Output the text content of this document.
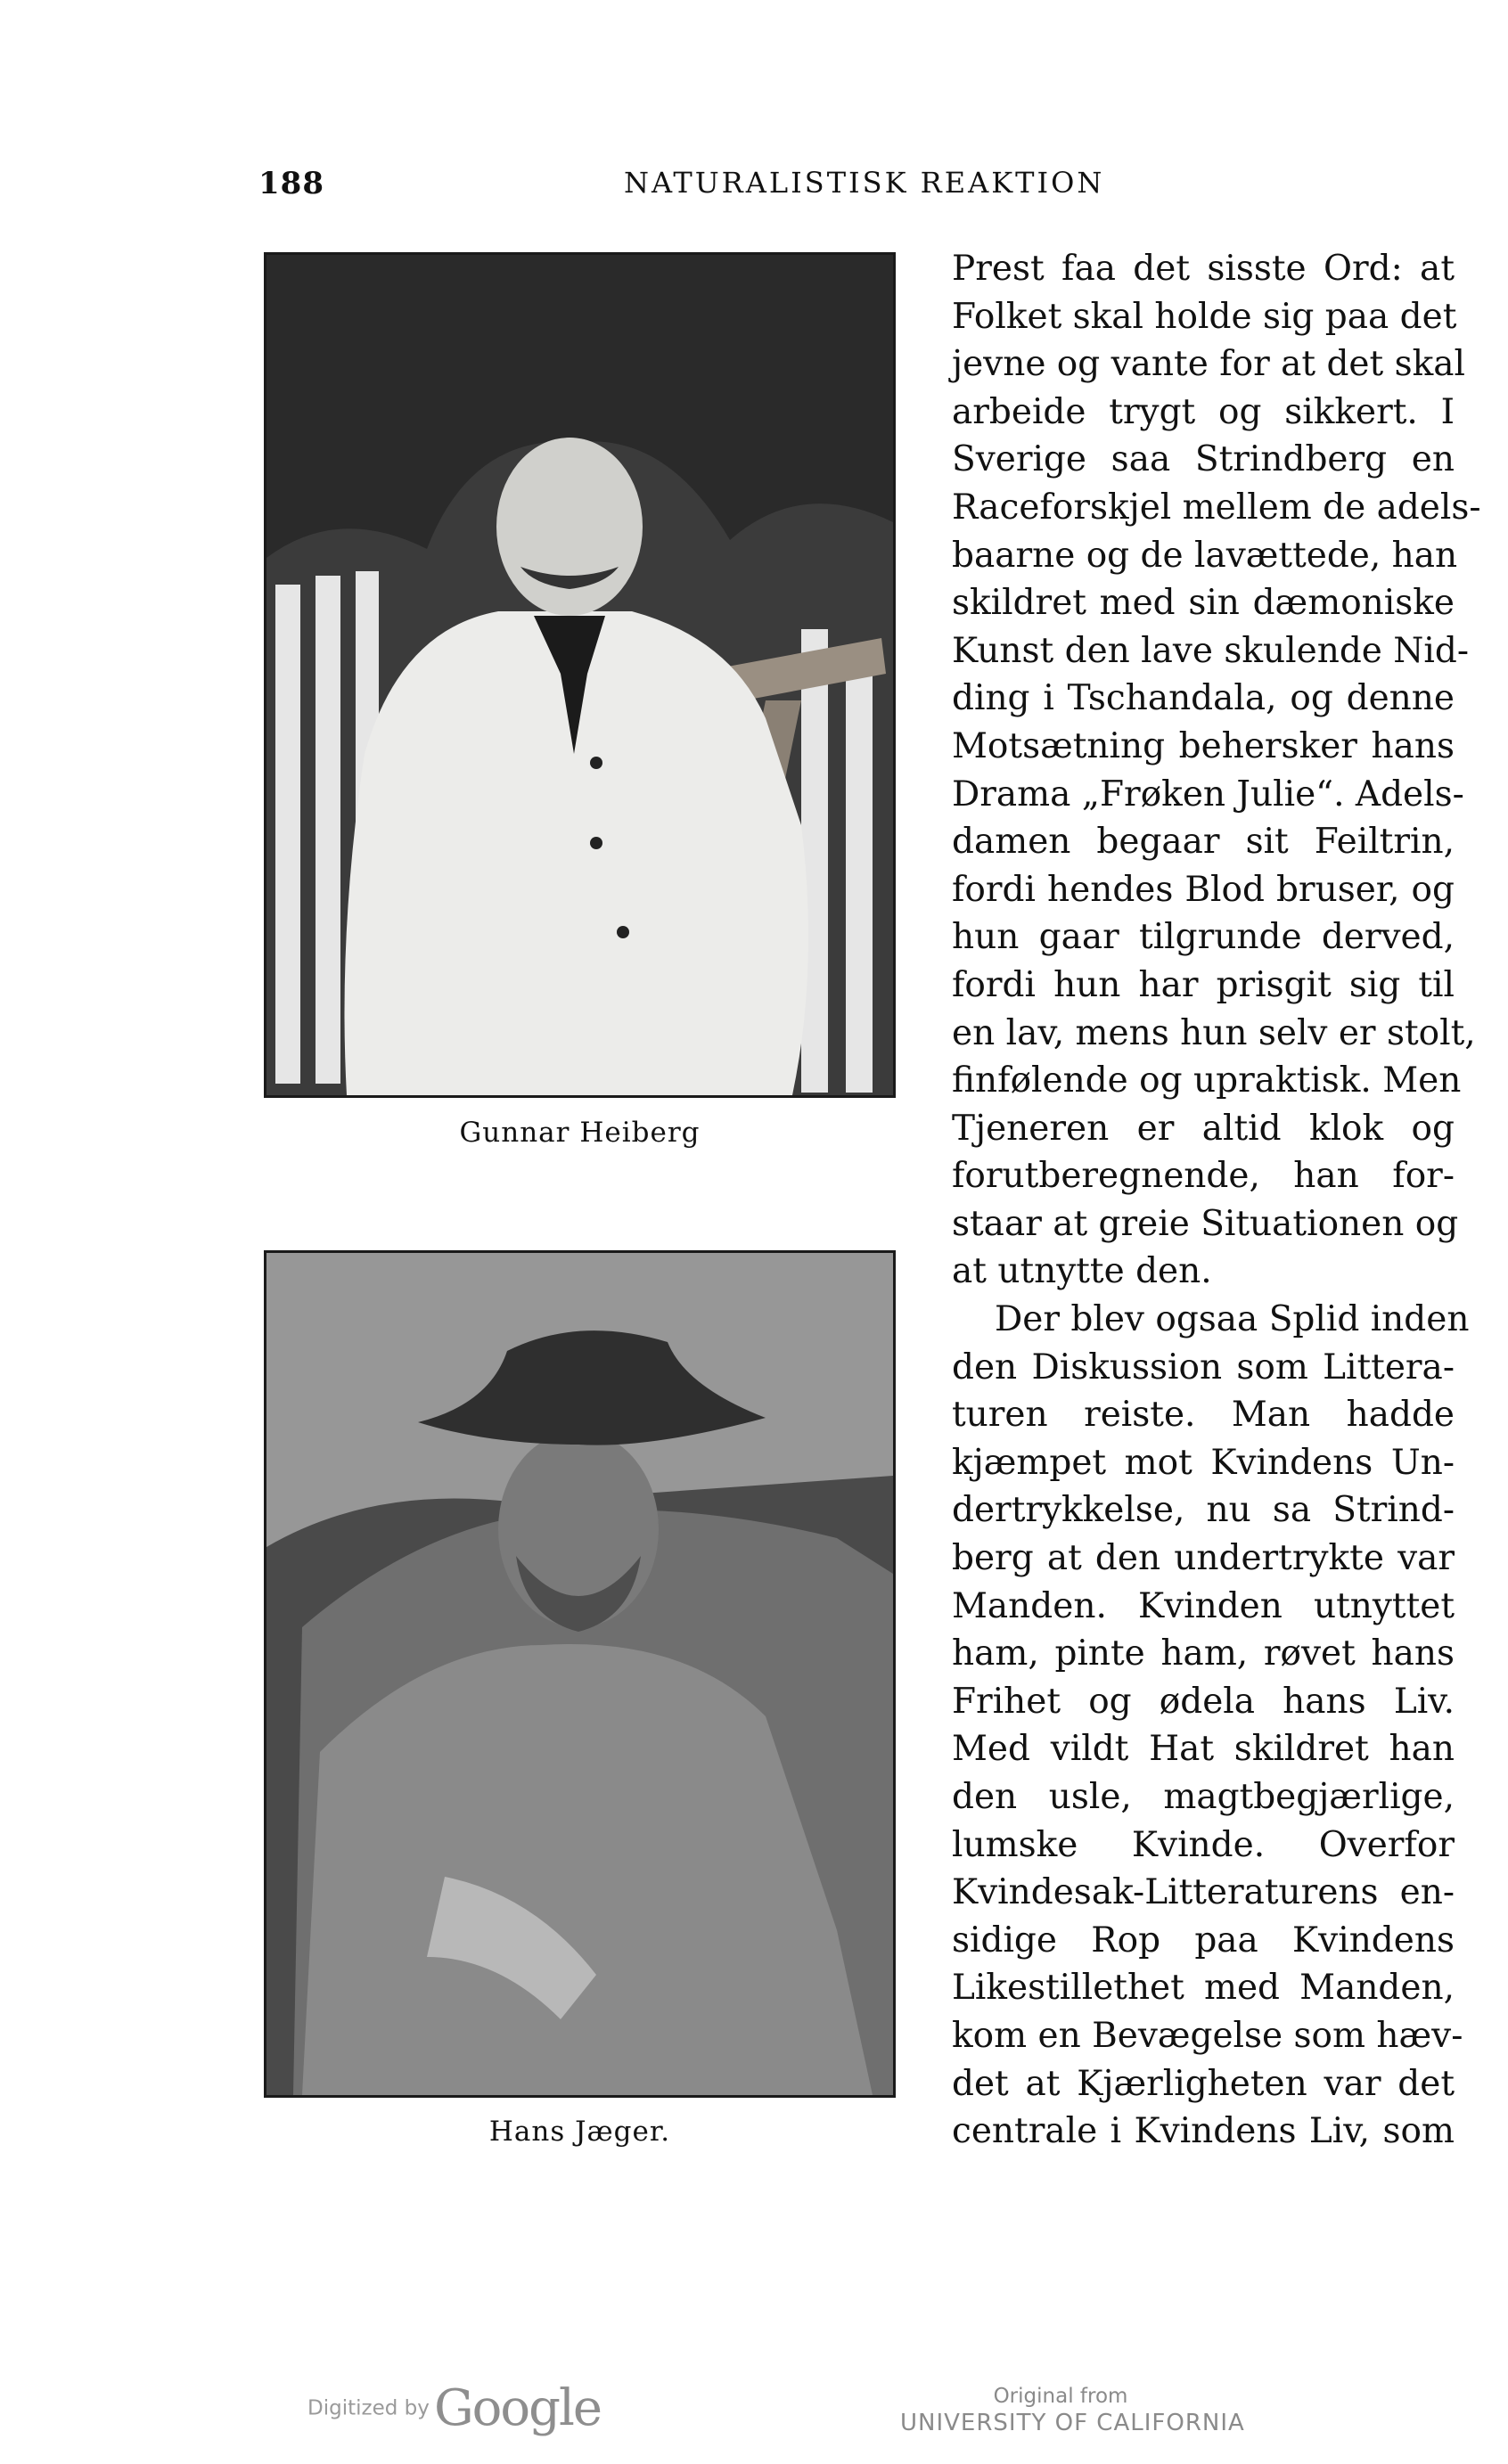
188	NATURALISTISK REAKTION
Gunnar Heiberg
Hans Jæger.
Prest faa det sisste Ord: at
Folket skal holde sig paa det
jevne og vante for at det skal
arbeide trygt og sikkert. I
Sverige saa Strindberg en
Raceforskjel mellem de adels-
baarne og de lavættede, han
skildret med sin dæmoniske
Kunst den lave skulende Nid-
ding i Tschandala, og denne
Motsætning behersker hans
Drama „Frøken Julie“. Adels-
damen begaar sit Feiltrin,
fordi hendes Blod bruser, og
hun gaar tilgrunde derved,
fordi hun har prisgit sig til
en lav, mens hun selv er stolt,
finfølende og upraktisk. Men
Tjeneren er altid klok og
forutberegnende, han for-
staar at greie Situationen og
at utnytte den.
Der blev ogsaa Splid inden
den Diskussion som Littera-
turen reiste. Man hadde
kjæmpet mot Kvindens Un-
dertrykkelse, nu sa Strind-
berg at den undertrykte var
Manden. Kvinden utnyttet
ham, pinte ham, røvet hans
Frihet og ødela hans Liv.
Med vildt Hat skildret han
den usle, magtbegjærlige,
lumske Kvinde. Overfor
Kvindesak-Litteraturens en-
sidige Rop paa Kvindens
Likestillethet med Manden,
kom en Bevægelse som hæv-
det at Kjærligheten var det
centrale i Kvindens Liv, som
Digitized by Google	Original from
UNIVERSITY OF CALIFORNIA
